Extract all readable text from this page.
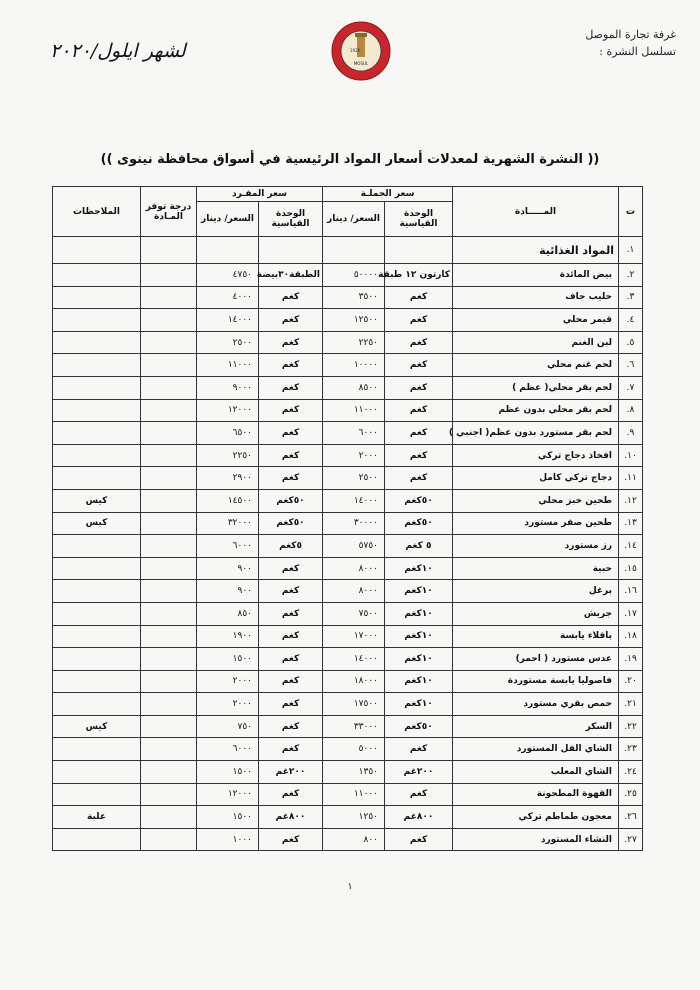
غرفة تجارة الموصل
تسلسل النشرة :
لشهر ايلول/٢٠٢٠	1926
MOSUL
(( النشرة الشهرية لمعدلات أسعار المواد الرئيسية في أسواق محافظة نينوى ))
ت	المـــــادة	سعر الجملـة		سعر المفـرد		درجة توفر المـادة	الملاحظات
		الوحدة القياسية	السعر/ دينار	الوحدة القياسية	السعر/ دينار		
١.	المواد الغذائية						
٢.	بيض المائدة	كارتون ١٢ طبقة	٥٠٠٠٠	الطبقة٣٠بيضة	٤٧٥٠		
٣.	حليب جاف	كغم	٣٥٠٠	كغم	٤٠٠٠		
٤.	قيمر محلي	كغم	١٢٥٠٠	كغم	١٤٠٠٠		
٥.	لبن الغنم	كغم	٢٢٥٠	كغم	٢٥٠٠		
٦.	لحم غنم محلي	كغم	١٠٠٠٠	كغم	١١٠٠٠		
٧.	لحم بقر محلي( عظم )	كغم	٨٥٠٠	كغم	٩٠٠٠		
٨.	لحم بقر محلي بدون عظم	كغم	١١٠٠٠	كغم	١٢٠٠٠		
٩.	لحم بقر مستورد بدون عظم( اجنبي )	كغم	٦٠٠٠	كغم	٦٥٠٠		
١٠.	افخاذ دجاج تركي	كغم	٢٠٠٠	كغم	٢٢٥٠		
١١.	دجاج تركي كامل	كغم	٢٥٠٠	كغم	٢٩٠٠		
١٢.	طحين خبز محلي	٥٠كغم	١٤٠٠٠	٥٠كغم	١٤٥٠٠		كيس
١٣.	طحين صفر مستورد	٥٠كغم	٣٠٠٠٠	٥٠كغم	٣٢٠٠٠		كيس
١٤.	رز مستورد	٥ كغم	٥٧٥٠	٥كغم	٦٠٠٠		
١٥.	حبية	١٠كغم	٨٠٠٠	كغم	٩٠٠		
١٦.	برغل	١٠كغم	٨٠٠٠	كغم	٩٠٠		
١٧.	جريش	١٠كغم	٧٥٠٠	كغم	٨٥٠		
١٨.	باقلاء يابسة	١٠كغم	١٧٠٠٠	كغم	١٩٠٠		
١٩.	عدس مستورد ( احمر)	١٠كغم	١٤٠٠٠	كغم	١٥٠٠		
٢٠.	فاصوليا يابسة مستوردة	١٠كغم	١٨٠٠٠	كغم	٢٠٠٠		
٢١.	حمص بقري مستورد	١٠كغم	١٧٥٠٠	كغم	٢٠٠٠		
٢٢.	السكر	٥٠كغم	٣٣٠٠٠	كغم	٧٥٠		كيس
٢٣.	الشاي الفل المستورد	كغم	٥٠٠٠	كغم	٦٠٠٠		
٢٤.	الشاي المعلب	٢٠٠غم	١٣٥٠	٢٠٠غم	١٥٠٠		
٢٥.	القهوة المطحونة	كغم	١١٠٠٠	كغم	١٢٠٠٠		
٢٦.	معجون طماطم تركي	٨٠٠غم	١٢٥٠	٨٠٠غم	١٥٠٠		علبة
٢٧.	النشاء المستورد	كغم	٨٠٠	كغم	١٠٠٠		
١
